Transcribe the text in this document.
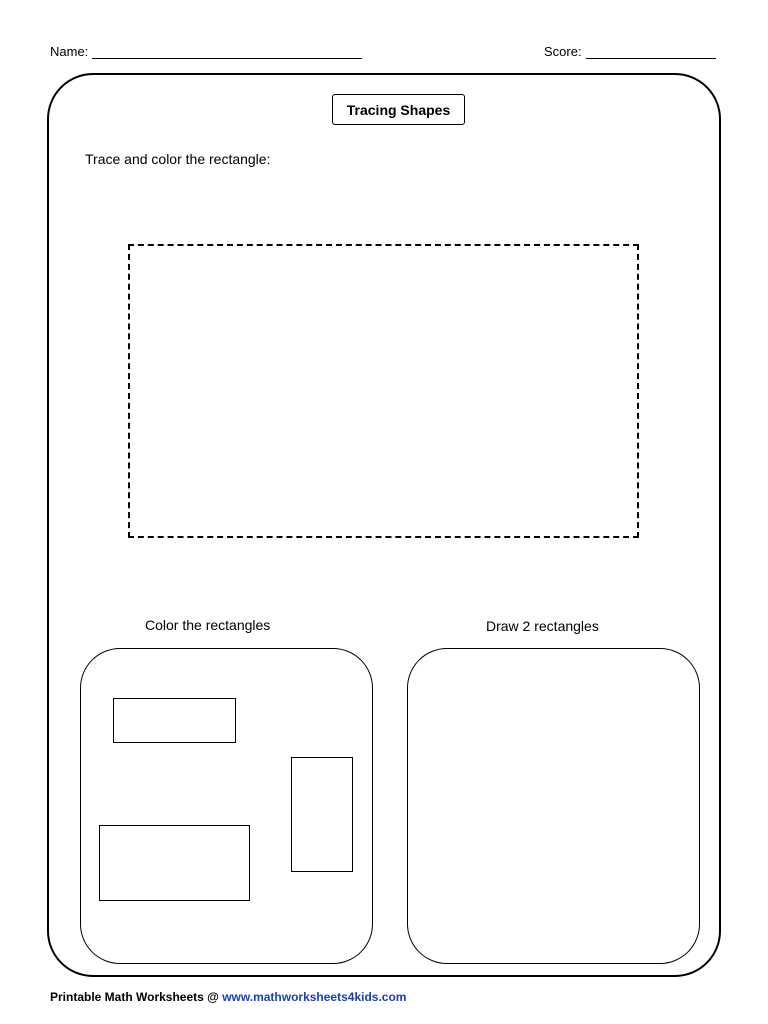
Name:	Score:
Tracing Shapes
Trace and color the rectangle:
Color the rectangles	Draw 2 rectangles
Printable Math Worksheets @ www.mathworksheets4kids.com
